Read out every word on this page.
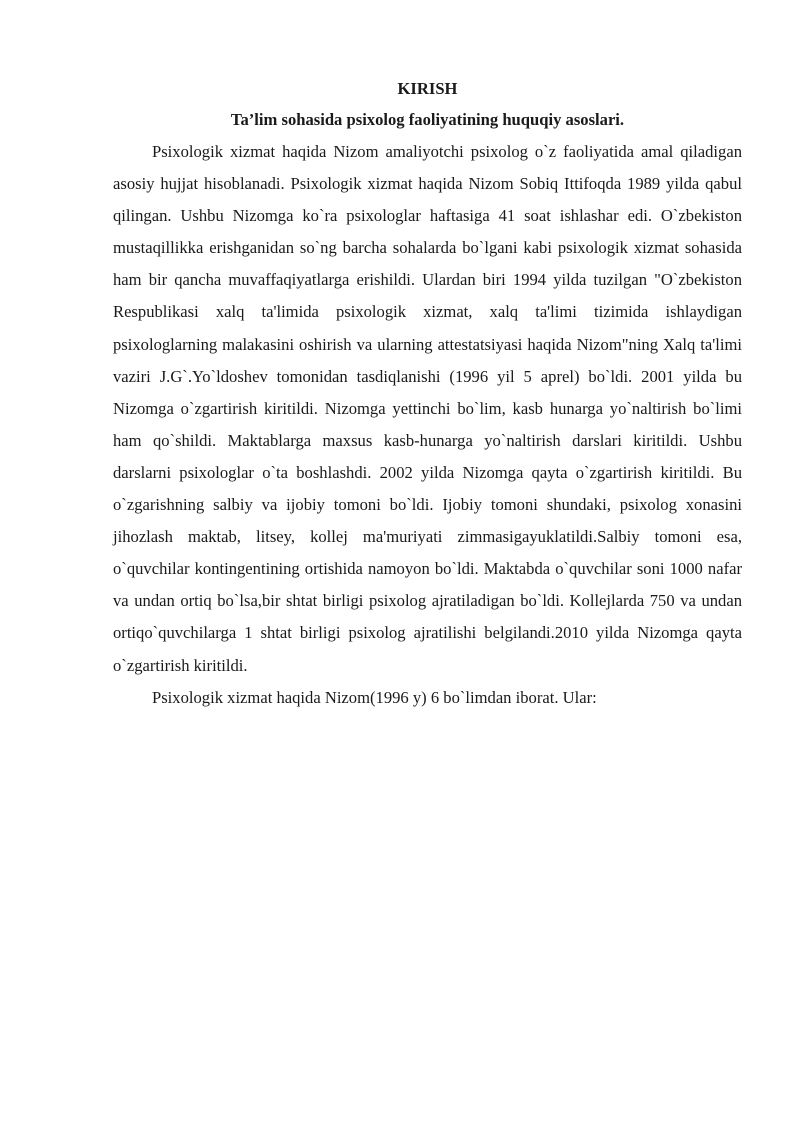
KIRISH

Ta’lim sohasida psixolog faoliyatining huquqiy asoslari.

Psixologik xizmat haqida Nizom amaliyotchi psixolog o`z faoliyatida amal qiladigan asosiy hujjat hisoblanadi. Psixologik xizmat haqida Nizom Sobiq Ittifoqda 1989 yilda qabul qilingan. Ushbu Nizomga ko`ra psixologlar haftasiga 41 soat ishlashar edi. O`zbekiston mustaqillikka erishganidan so`ng barcha sohalarda bo`lgani kabi psixologik xizmat sohasida ham bir qancha muvaffaqiyatlarga erishildi. Ulardan biri 1994 yilda tuzilgan "O`zbekiston Respublikasi xalq ta'limida psixologik xizmat, xalq ta'limi tizimida ishlaydigan psixologlarning malakasini oshirish va ularning attestatsiyasi haqida Nizom"ning Xalq ta'limi vaziri J.G`.Yo`ldoshev tomonidan tasdiqlanishi (1996 yil 5 aprel) bo`ldi. 2001 yilda bu Nizomga o`zgartirish kiritildi. Nizomga yettinchi bo`lim, kasb hunarga yo`naltirish bo`limi ham qo`shildi. Maktablarga maxsus kasb-hunarga yo`naltirish darslari kiritildi. Ushbu darslarni psixologlar o`ta boshlashdi. 2002 yilda Nizomga qayta o`zgartirish kiritildi. Bu o`zgarishning salbiy va ijobiy tomoni bo`ldi. Ijobiy tomoni shundaki, psixolog xonasini jihozlash maktab, litsey, kollej ma'muriyati zimmasigayuklatildi.Salbiy tomoni esa, o`quvchilar kontingentining ortishida namoyon bo`ldi. Maktabda o`quvchilar soni 1000 nafar va undan ortiq bo`lsa,bir shtat birligi psixolog ajratiladigan bo`ldi. Kollejlarda 750 va undan ortiqo`quvchilarga 1 shtat birligi psixolog ajratilishi belgilandi.2010 yilda Nizomga qayta o`zgartirish kiritildi.

Psixologik xizmat haqida Nizom(1996 y) 6 bo`limdan iborat. Ular:
